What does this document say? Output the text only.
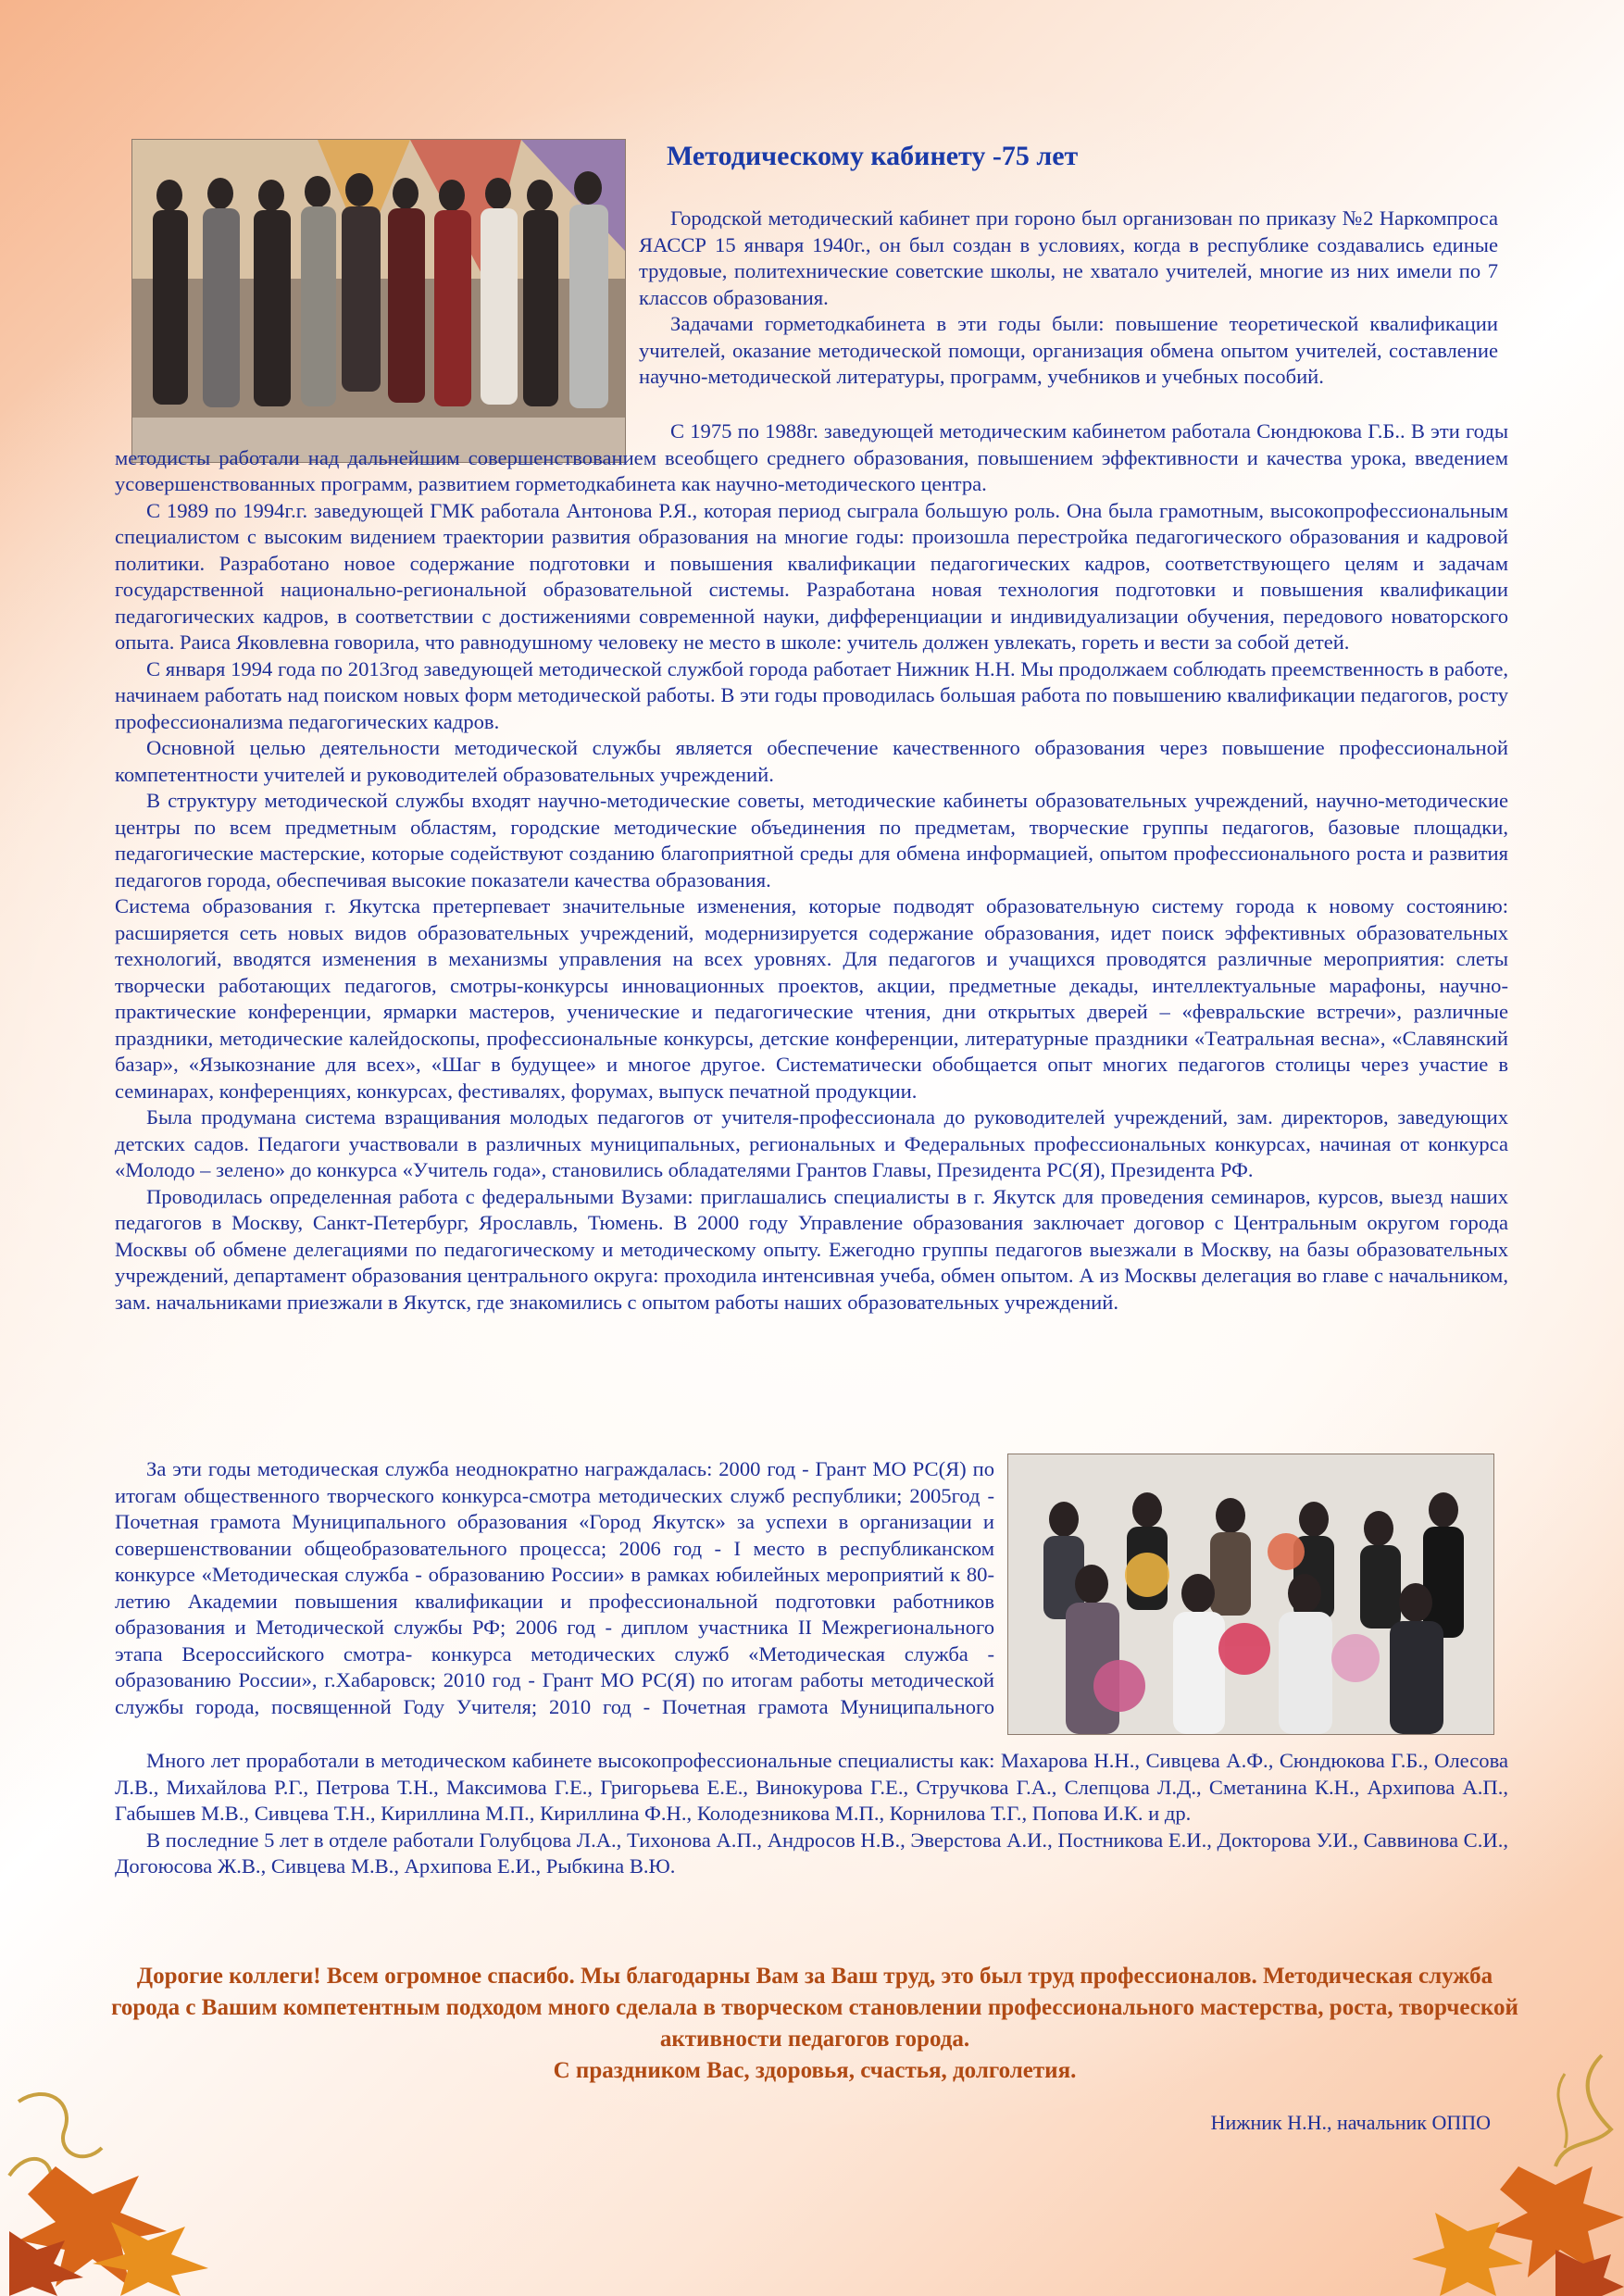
Методическому кабинету -75 лет

Городской методический кабинет при гороно был организован по приказу №2 Наркомпроса ЯАССР 15 января 1940г., он был создан в условиях, когда в республике создавались единые трудовые, политехнические советские школы, не хватало учителей, многие из них имели по 7 классов образования.

Задачами горметодкабинета в эти годы были: повышение теоретической квалификации учителей, оказание методической помощи, организация обмена опытом учителей, составление научно-методической литературы, программ, учебников и учебных пособий.

С 1975 по 1988г. заведующей методическим кабинетом работала Сюндюкова Г.Б.. В эти годы методисты работали над дальнейшим совершенствованием всеобщего среднего образования, повышением эффективности и качества урока, введением усовершенствованных программ, развитием горметодкабинета как научно-методического центра.

С 1989 по 1994г.г. заведующей ГМК работала Антонова Р.Я., которая период сыграла большую роль. Она была грамотным, высокопрофессиональным специалистом с высоким видением траектории развития образования на многие годы: произошла перестройка педагогического образования и кадровой политики. Разработано новое содержание подготовки и повышения квалификации педагогических кадров, соответствующего целям и задачам государственной национально-региональной образовательной системы. Разработана новая технология подготовки и повышения квалификации педагогических кадров, в соответствии с достижениями современной науки, дифференциации и индивидуализации обучения, передового новаторского опыта. Раиса Яковлевна говорила, что равнодушному человеку не место в школе: учитель должен увлекать, гореть и вести за собой детей.

С января 1994 года по 2013год заведующей методической службой города работает Нижник Н.Н. Мы продолжаем соблюдать преемственность в работе, начинаем работать над поиском новых форм методической работы. В эти годы проводилась большая работа по повышению квалификации педагогов, росту профессионализма педагогических кадров.

Основной целью деятельности методической службы является обеспечение качественного образования через повышение профессиональной компетентности учителей и руководителей образовательных учреждений.

В структуру методической службы входят научно-методические советы, методические кабинеты образовательных учреждений, научно-методические центры по всем предметным областям, городские методические объединения по предметам, творческие группы педагогов, базовые площадки, педагогические мастерские, которые содействуют созданию благоприятной среды для обмена информацией, опытом профессионального роста и развития педагогов города, обеспечивая высокие показатели качества образования.

Система образования г. Якутска претерпевает значительные изменения, которые подводят образовательную систему города к новому состоянию: расширяется сеть новых видов образовательных учреждений, модернизируется содержание образования, идет поиск эффективных образовательных технологий, вводятся изменения в механизмы управления на всех уровнях. Для педагогов и учащихся проводятся различные мероприятия: слеты творчески работающих педагогов, смотры-конкурсы инновационных проектов, акции, предметные декады, интеллектуальные марафоны, научно-практические конференции, ярмарки мастеров, ученические и педагогические чтения, дни открытых дверей – «февральские встречи», различные праздники, методические калейдоскопы, профессиональные конкурсы, детские конференции, литературные праздники «Театральная весна», «Славянский базар», «Языкознание для всех», «Шаг в будущее» и многое другое. Систематически обобщается опыт многих педагогов столицы через участие в семинарах, конференциях, конкурсах, фестивалях, форумах, выпуск печатной продукции.

Была продумана система взращивания молодых педагогов от учителя-профессионала до руководителей учреждений, зам. директоров, заведующих детских садов. Педагоги участвовали в различных муниципальных, региональных и Федеральных профессиональных конкурсах, начиная от конкурса «Молодо – зелено» до конкурса «Учитель года», становились обладателями Грантов Главы, Президента РС(Я), Президента РФ.

Проводилась определенная работа с федеральными Вузами: приглашались специалисты в г. Якутск для проведения семинаров, курсов, выезд наших педагогов в Москву, Санкт-Петербург, Ярославль, Тюмень. В 2000 году Управление образования заключает договор с Центральным округом города Москвы об обмене делегациями по педагогическому и методическому опыту. Ежегодно группы педагогов выезжали в Москву, на базы образовательных учреждений, департамент образования центрального округа: проходила интенсивная учеба, обмен опытом. А из Москвы делегация во главе с начальником, зам. начальниками приезжали в Якутск, где знакомились с опытом работы наших образовательных учреждений.

За эти годы методическая служба неоднократно награждалась: 2000 год - Грант МО РС(Я) по итогам общественного творческого конкурса-смотра методических служб республики; 2005год - Почетная грамота Муниципального образования «Город Якутск» за успехи в организации и совершенствовании общеобразовательного процесса; 2006 год - I место в республиканском конкурсе «Методическая служба - образованию России» в рамках юбилейных мероприятий к 80-летию Академии повышения квалификации и профессиональной подготовки работников образования и Методической службы РФ; 2006 год - диплом участника II Межрегионального этапа Всероссийского смотра- конкурса методических служб «Методическая служба - образованию России», г.Хабаровск; 2010 год - Грант МО РС(Я) по итогам работы методической службы города, посвященной Году Учителя; 2010 год - Почетная грамота Муниципального

Много лет проработали в методическом кабинете высокопрофессиональные специалисты как: Махарова Н.Н., Сивцева А.Ф., Сюндюкова Г.Б., Олесова Л.В., Михайлова Р.Г., Петрова Т.Н., Максимова Г.Е., Григорьева Е.Е., Винокурова Г.Е., Стручкова Г.А., Слепцова Л.Д., Сметанина К.Н., Архипова А.П., Габышев М.В., Сивцева Т.Н., Кириллина М.П., Кириллина Ф.Н., Колодезникова М.П., Корнилова Т.Г., Попова И.К. и др.

В последние 5 лет в отделе работали Голубцова Л.А., Тихонова А.П., Андросов Н.В., Эверстова А.И., Постникова Е.И., Докторова У.И., Саввинова С.И., Догоюсова Ж.В., Сивцева М.В., Архипова Е.И., Рыбкина В.Ю.

Дорогие коллеги! Всем огромное спасибо. Мы благодарны Вам за Ваш труд, это был труд профессионалов. Методическая служба города с Вашим компетентным подходом много сделала в творческом становлении профессионального мастерства, роста, творческой активности педагогов города.

С праздником Вас, здоровья, счастья, долголетия.

Нижник Н.Н., начальник ОППО
